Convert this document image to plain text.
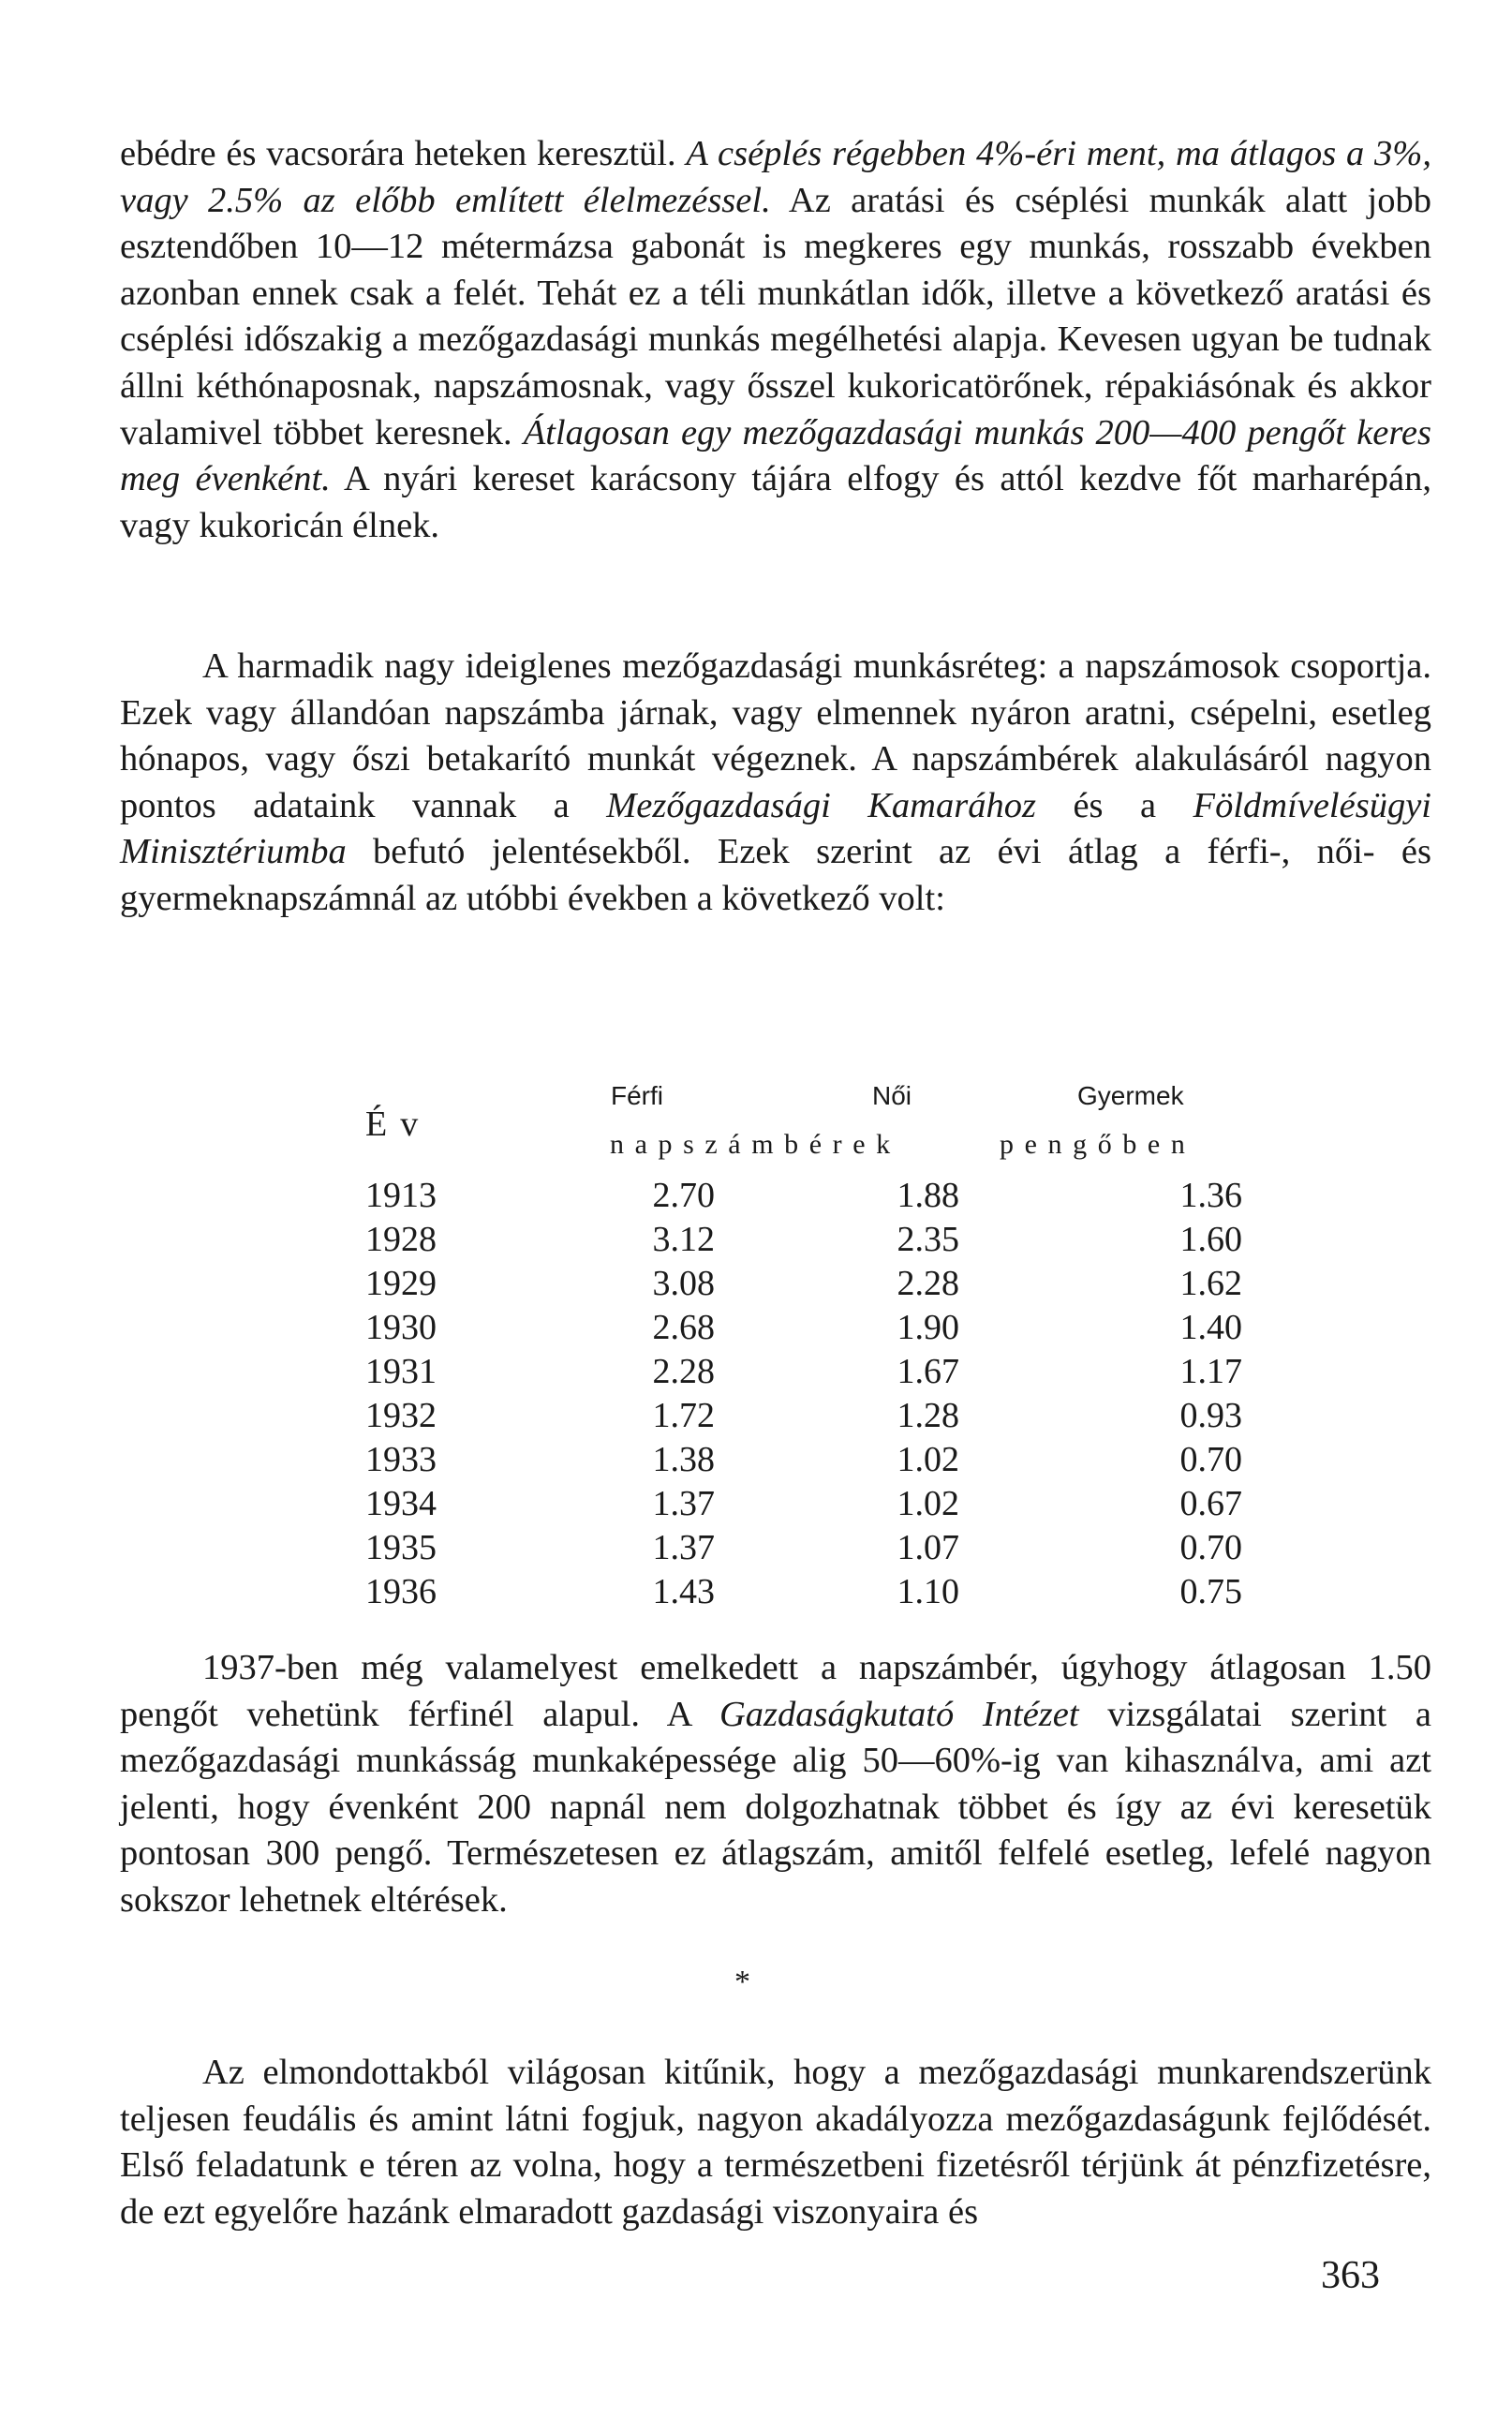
ebédre és vacsorára heteken keresztül. A cséplés régebben 4%-éri ment, ma átlagos a 3%, vagy 2.5% az előbb említett élelmezéssel. Az aratási és cséplési munkák alatt jobb esztendőben 10—12 métermázsa gabonát is megkeres egy munkás, rosszabb években azonban ennek csak a felét. Tehát ez a téli munkátlan idők, illetve a következő aratási és cséplési időszakig a mezőgazdasági munkás megélhetési alapja. Kevesen ugyan be tudnak állni kéthónaposnak, napszámosnak, vagy ősszel kukoricatörőnek, répakiásónak és akkor valamivel többet keresnek. Átlagosan egy mezőgazdasági munkás 200—400 pengőt keres meg évenként. A nyári kereset karácsony tájára elfogy és attól kezdve főt marharépán, vagy kukoricán élnek.

A harmadik nagy ideiglenes mezőgazdasági munkásréteg: a napszámosok csoportja. Ezek vagy állandóan napszámba járnak, vagy elmennek nyáron aratni, csépelni, esetleg hónapos, vagy őszi betakarító munkát végeznek. A napszámbérek alakulásáról nagyon pontos adataink vannak a Mezőgazdasági Kamarához és a Földmívelésügyi Minisztériumba befutó jelentésekből. Ezek szerint az évi átlag a férfi-, női- és gyermeknapszámnál az utóbbi években a következő volt:

Év
Férfi	Női	Gyermek
napszámbérek	pengőben
1913	2.70	1.88	1.36
1928	3.12	2.35	1.60
1929	3.08	2.28	1.62
1930	2.68	1.90	1.40
1931	2.28	1.67	1.17
1932	1.72	1.28	0.93
1933	1.38	1.02	0.70
1934	1.37	1.02	0.67
1935	1.37	1.07	0.70
1936	1.43	1.10	0.75

1937-ben még valamelyest emelkedett a napszámbér, úgyhogy átlagosan 1.50 pengőt vehetünk férfinél alapul. A Gazdaságkutató Intézet vizsgálatai szerint a mezőgazdasági munkásság munkaképessége alig 50—60%-ig van kihasználva, ami azt jelenti, hogy évenként 200 napnál nem dolgozhatnak többet és így az évi keresetük pontosan 300 pengő. Természetesen ez átlagszám, amitől felfelé esetleg, lefelé nagyon sokszor lehetnek eltérések.

*

Az elmondottakból világosan kitűnik, hogy a mezőgazdasági munkarendszerünk teljesen feudális és amint látni fogjuk, nagyon akadályozza mezőgazdaságunk fejlődését. Első feladatunk e téren az volna, hogy a természetbeni fizetésről térjünk át pénzfizetésre, de ezt egyelőre hazánk elmaradott gazdasági viszonyaira és

363
